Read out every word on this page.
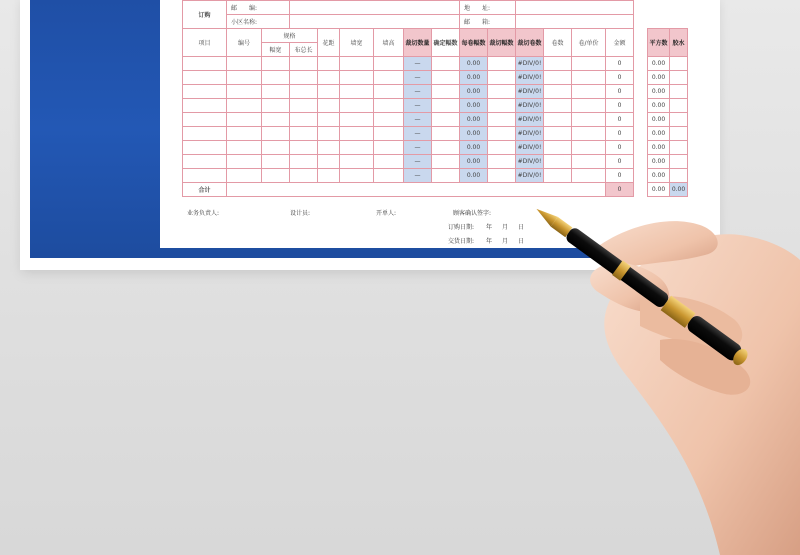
订购	邮　　编:								地　　址:								
	小区名称:								邮　　箱:								
项目	编号	规格		花距	墙宽	墙高	裁切数量	确定幅数	每卷幅数	裁切幅数	裁切卷数	卷数	卷/单价	金额		平方数	胶水
		幅宽	布总长														
							—		0.00		#DIV/0!			0		0.00	
							—		0.00		#DIV/0!			0		0.00	
							—		0.00		#DIV/0!			0		0.00	
							—		0.00		#DIV/0!			0		0.00	
							—		0.00		#DIV/0!			0		0.00	
							—		0.00		#DIV/0!			0		0.00	
							—		0.00		#DIV/0!			0		0.00	
							—		0.00		#DIV/0!			0		0.00	
							—		0.00		#DIV/0!			0		0.00	
合计														0		0.00	0.00
业务负责人:	设计员:	开单人:	顾客确认签字:
订购日期: 年 月 日
交货日期: 年 月 日
